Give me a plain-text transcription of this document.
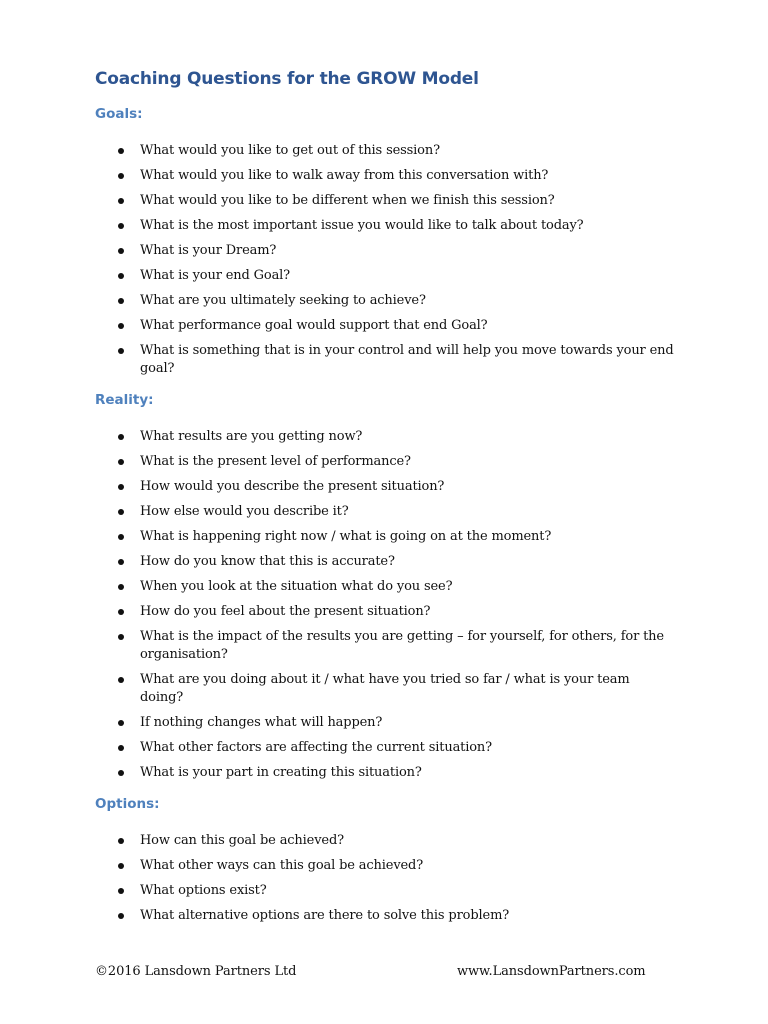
Coaching Questions for the GROW Model
Goals:
What would you like to get out of this session?
What would you like to walk away from this conversation with?
What would you like to be different when we finish this session?
What is the most important issue you would like to talk about today?
What is your Dream?
What is your end Goal?
What are you ultimately seeking to achieve?
What performance goal would support that end Goal?
What is something that is in your control and will help you move towards your end goal?
Reality:
What results are you getting now?
What is the present level of performance?
How would you describe the present situation?
How else would you describe it?
What is happening right now / what is going on at the moment?
How do you know that this is accurate?
When you look at the situation what do you see?
How do you feel about the present situation?
What is the impact of the results you are getting – for yourself, for others, for the organisation?
What are you doing about it / what have you tried so far / what is your team doing?
If nothing changes what will happen?
What other factors are affecting the current situation?
What is your part in creating this situation?
Options:
How can this goal be achieved?
What other ways can this goal be achieved?
What options exist?
What alternative options are there to solve this problem?
©2016 Lansdown Partners Ltd	www.LansdownPartners.com
